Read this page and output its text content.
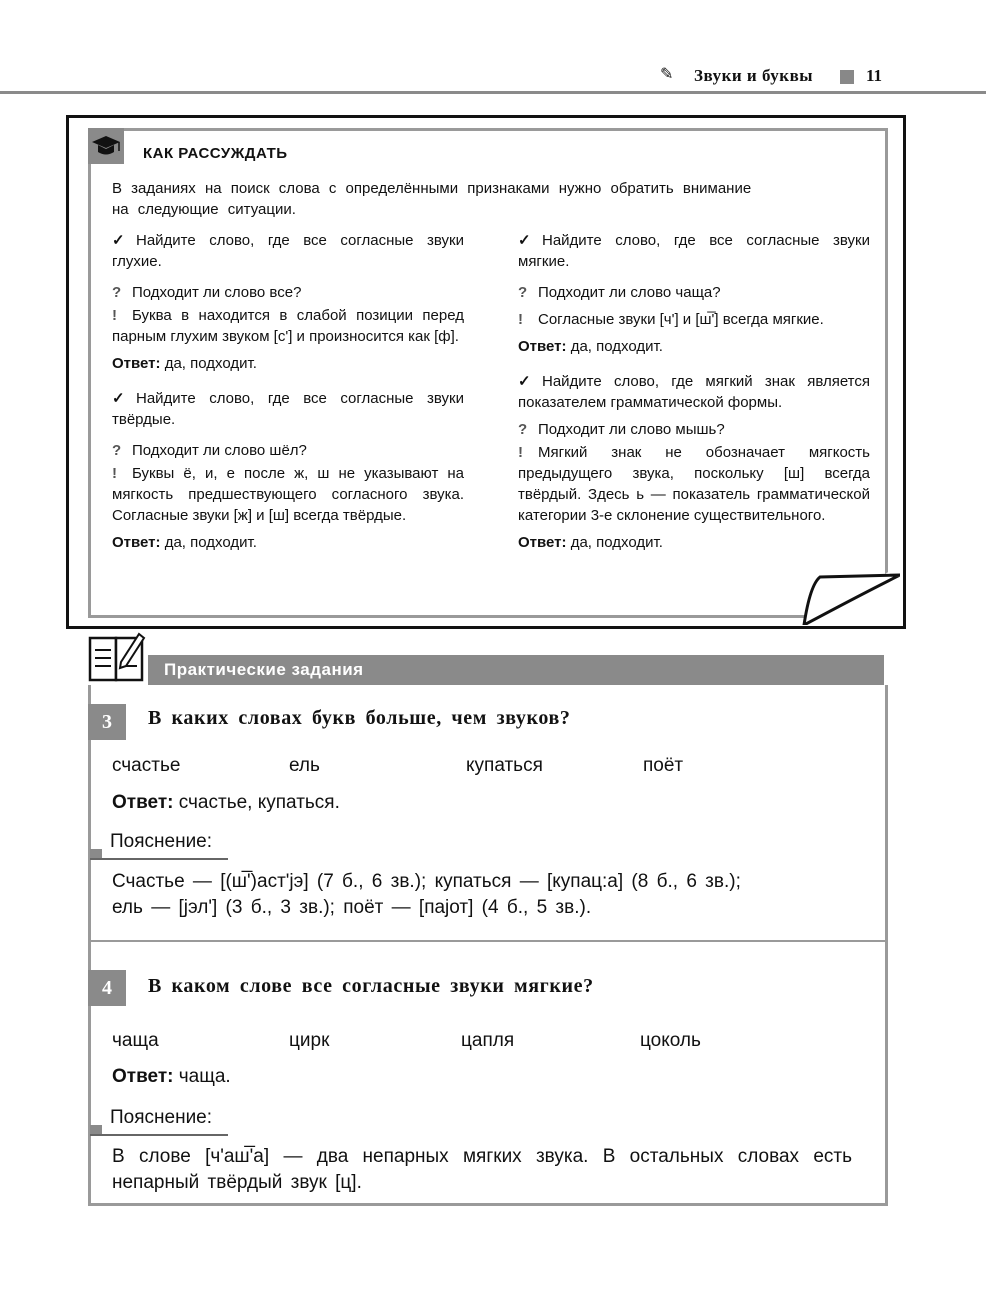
✎ Звуки и буквы	11
КАК РАССУЖДАТЬ
В заданиях на поиск слова с определёнными признаками нужно обратить внимание на следующие ситуации.

✓ Найдите слово, где все согласные звуки глухие.

? Подходит ли слово все?

! Буква в находится в слабой позиции перед парным глухим звуком [с'] и произносится как [ф].

Ответ: да, подходит.

✓ Найдите слово, где все согласные звуки твёрдые.

? Подходит ли слово шёл?

! Буквы ё, и, е после ж, ш не указывают на мягкость предшествующего согласного звука. Согласные звуки [ж] и [ш] всегда твёрдые.

Ответ: да, подходит.

✓ Найдите слово, где все согласные звуки мягкие.

? Подходит ли слово чаща?

! Согласные звуки [ч'] и [ш̅'] всегда мягкие.

Ответ: да, подходит.

✓ Найдите слово, где мягкий знак является показателем грамматической формы.

? Подходит ли слово мышь?

! Мягкий знак не обозначает мягкость предыдущего звука, поскольку [ш] всегда твёрдый. Здесь ь — показатель грамматической категории 3-е склонение существительного.

Ответ: да, подходит.

Практические задания
3	В каких словах букв больше, чем звуков?
счастье	ель	купаться	поёт
Ответ: счастье, купаться.
Пояснение:
Счастье — [(ш̅')аст'jэ] (7 б., 6 зв.); купаться — [купац:а] (8 б., 6 зв.);
ель — [jэл'] (3 б., 3 зв.); поёт — [паjот] (4 б., 5 зв.).
4	В каком слове все согласные звуки мягкие?
чаща	цирк	цапля	цоколь
Ответ: чаща.
Пояснение:
В слове [ч'аш̅'а] — два непарных мягких звука. В остальных словах есть непарный твёрдый звук [ц].
